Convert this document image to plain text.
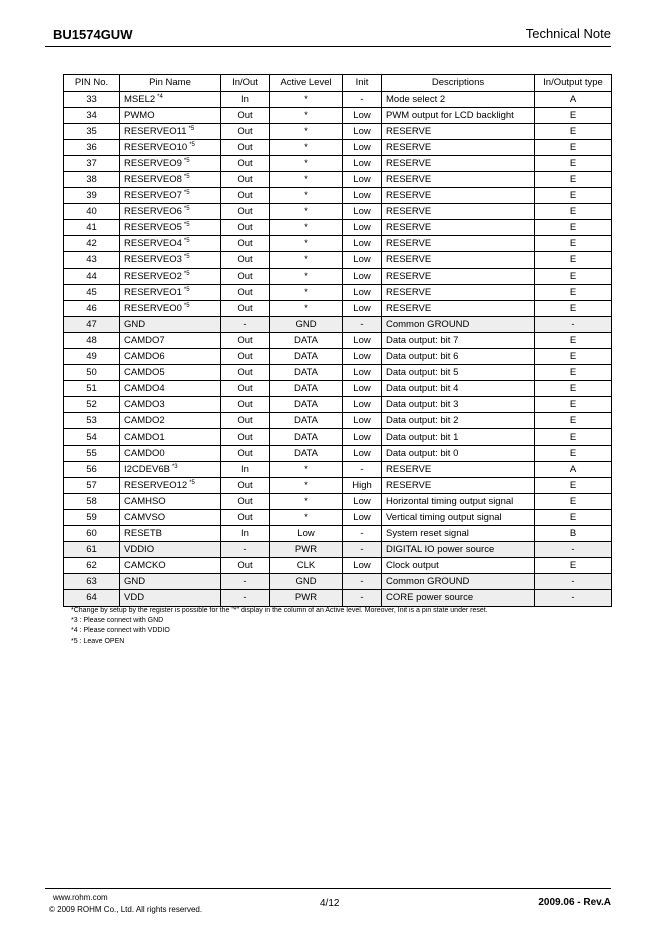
BU1574GUW	Technical Note
PIN No.	Pin Name	In/Out	Active Level	Init	Descriptions	In/Output type
33	MSEL2 $^{*4}$	In	*	-	Mode select 2	A
34	PWMO	Out	*	Low	PWM output for LCD backlight	E
35	RESERVEO11 $^{*5}$	Out	*	Low	RESERVE	E
36	RESERVEO10 $^{*5}$	Out	*	Low	RESERVE	E
37	RESERVEO9 $^{*5}$	Out	*	Low	RESERVE	E
38	RESERVEO8 $^{*5}$	Out	*	Low	RESERVE	E
39	RESERVEO7 $^{*5}$	Out	*	Low	RESERVE	E
40	RESERVEO6 $^{*5}$	Out	*	Low	RESERVE	E
41	RESERVEO5 $^{*5}$	Out	*	Low	RESERVE	E
42	RESERVEO4 $^{*5}$	Out	*	Low	RESERVE	E
43	RESERVEO3 $^{*5}$	Out	*	Low	RESERVE	E
44	RESERVEO2 $^{*5}$	Out	*	Low	RESERVE	E
45	RESERVEO1 $^{*5}$	Out	*	Low	RESERVE	E
46	RESERVEO0 $^{*5}$	Out	*	Low	RESERVE	E
47	GND	-	GND	-	Common GROUND	-
48	CAMDO7	Out	DATA	Low	Data output: bit 7	E
49	CAMDO6	Out	DATA	Low	Data output: bit 6	E
50	CAMDO5	Out	DATA	Low	Data output: bit 5	E
51	CAMDO4	Out	DATA	Low	Data output: bit 4	E
52	CAMDO3	Out	DATA	Low	Data output: bit 3	E
53	CAMDO2	Out	DATA	Low	Data output: bit 2	E
54	CAMDO1	Out	DATA	Low	Data output: bit 1	E
55	CAMDO0	Out	DATA	Low	Data output: bit 0	E
56	I2CDEV6B $^{*3}$	In	*	-	RESERVE	A
57	RESERVEO12 $^{*5}$	Out	*	High	RESERVE	E
58	CAMHSO	Out	*	Low	Horizontal timing output signal	E
59	CAMVSO	Out	*	Low	Vertical timing output signal	E
60	RESETB	In	Low	-	System reset signal	B
61	VDDIO	-	PWR	-	DIGITAL IO power source	-
62	CAMCKO	Out	CLK	Low	Clock output	E
63	GND	-	GND	-	Common GROUND	-
64	VDD	-	PWR	-	CORE power source	-
*Change by setup by the register is possible for the "*" display in the column of an Active level. Moreover, Init is a pin state under reset.
*3 : Please connect with GND
*4 : Please connect with VDDIO
*5 : Leave OPEN
www.rohm.com
© 2009 ROHM Co., Ltd. All rights reserved.
4/12	2009.06 - Rev.A
